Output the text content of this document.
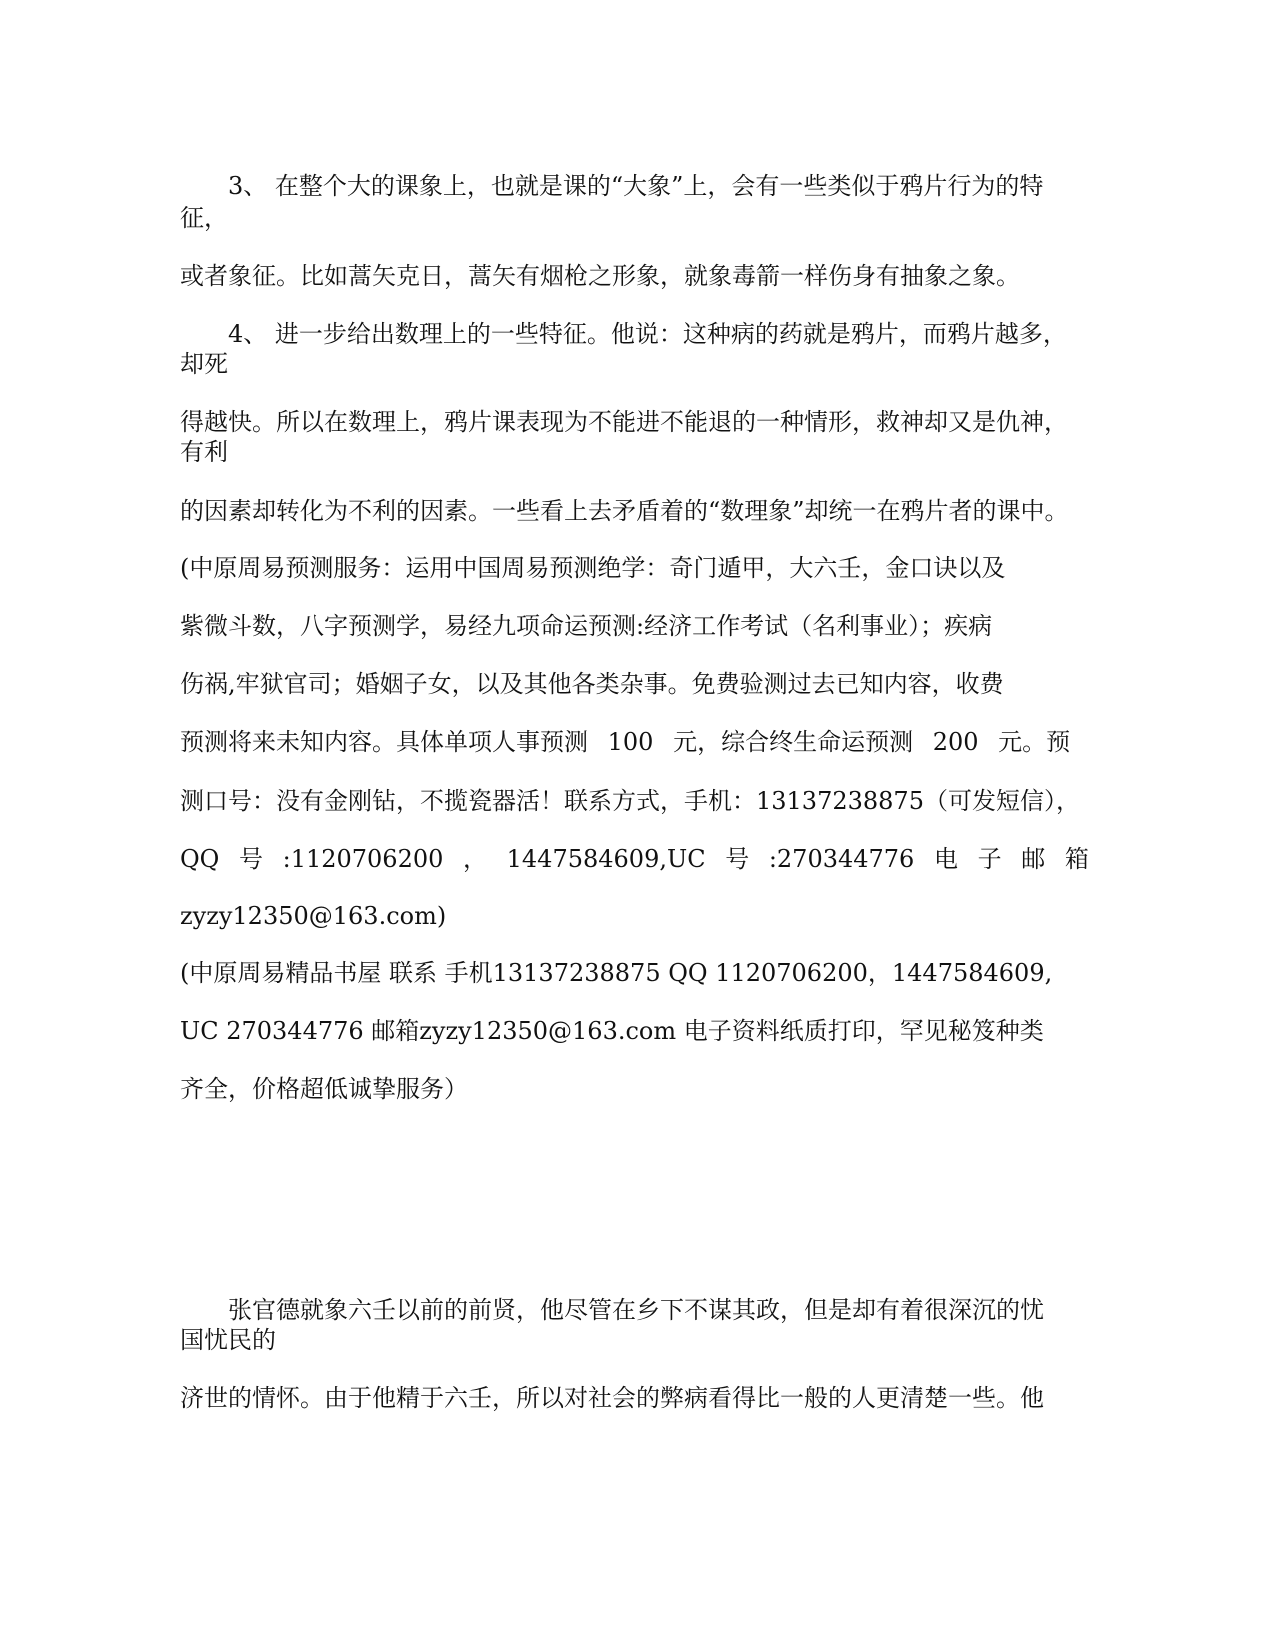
3、 在整个大的课象上，也就是课的“大象”上，会有一些类似于鸦片行为的特
征，
或者象征。比如蒿矢克日，蒿矢有烟枪之形象，就象毒箭一样伤身有抽象之象。
4、 进一步给出数理上的一些特征。他说：这种病的药就是鸦片，而鸦片越多，
却死
得越快。所以在数理上，鸦片课表现为不能进不能退的一种情形，救神却又是仇神，
有利
的因素却转化为不利的因素。一些看上去矛盾着的“数理象”却统一在鸦片者的课中。
(中原周易预测服务：运用中国周易预测绝学：奇门遁甲，大六壬，金口诀以及
紫微斗数，八字预测学，易经九项命运预测:经济工作考试（名利事业）；疾病
伤祸,牢狱官司；婚姻子女，以及其他各类杂事。免费验测过去已知内容，收费
预测将来未知内容。具体单项人事预测 100 元，综合终生命运预测 200 元。预
测口号：没有金刚钻，不揽瓷器活！联系方式，手机：13137238875（可发短信），
QQ 号 :1120706200 ， 1447584609,UC 号 :270344776 电 子 邮 箱
zyzy12350@163.com)
(中原周易精品书屋 联系 手机13137238875 QQ 1120706200，1447584609,
UC 270344776 邮箱zyzy12350@163.com 电子资料纸质打印，罕见秘笈种类
齐全，价格超低诚挚服务）
张官德就象六壬以前的前贤，他尽管在乡下不谋其政，但是却有着很深沉的忧
国忧民的
济世的情怀。由于他精于六壬，所以对社会的弊病看得比一般的人更清楚一些。他
